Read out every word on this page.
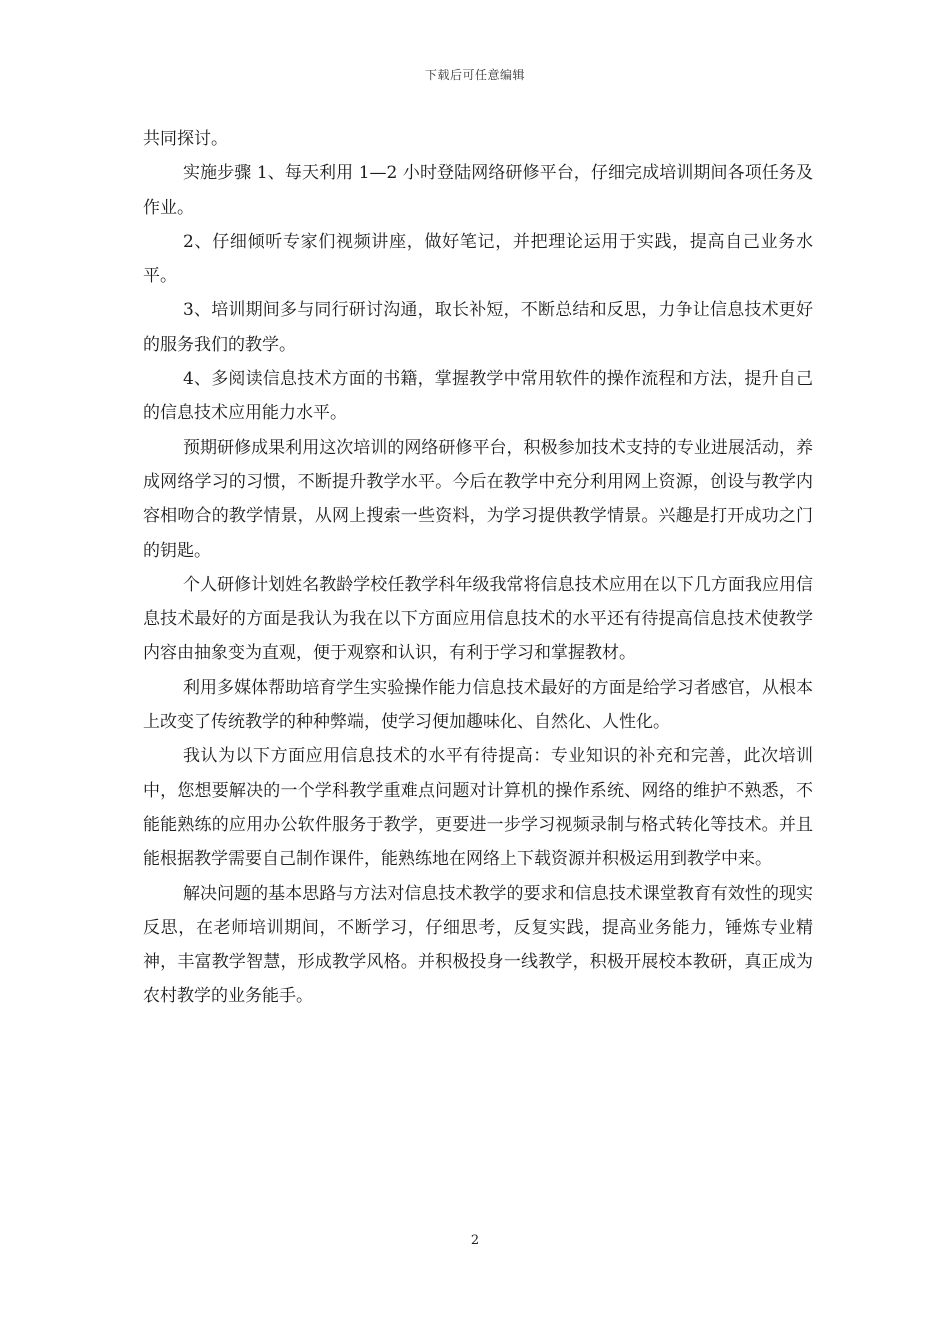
下载后可任意编辑

共同探讨。

实施步骤 1、每天利用 1—2 小时登陆网络研修平台，仔细完成培训期间各项任务及作业。

2、仔细倾听专家们视频讲座，做好笔记，并把理论运用于实践，提高自己业务水平。

3、培训期间多与同行研讨沟通，取长补短，不断总结和反思，力争让信息技术更好的服务我们的教学。

4、多阅读信息技术方面的书籍，掌握教学中常用软件的操作流程和方法，提升自己的信息技术应用能力水平。

预期研修成果利用这次培训的网络研修平台，积极参加技术支持的专业进展活动，养成网络学习的习惯，不断提升教学水平。今后在教学中充分利用网上资源，创设与教学内容相吻合的教学情景，从网上搜索一些资料，为学习提供教学情景。兴趣是打开成功之门的钥匙。

个人研修计划姓名教龄学校任教学科年级我常将信息技术应用在以下几方面我应用信息技术最好的方面是我认为我在以下方面应用信息技术的水平还有待提高信息技术使教学内容由抽象变为直观，便于观察和认识，有利于学习和掌握教材。

利用多媒体帮助培育学生实验操作能力信息技术最好的方面是给学习者感官，从根本上改变了传统教学的种种弊端，使学习便加趣味化、自然化、人性化。

我认为以下方面应用信息技术的水平有待提高：专业知识的补充和完善，此次培训中，您想要解决的一个学科教学重难点问题对计算机的操作系统、网络的维护不熟悉，不能能熟练的应用办公软件服务于教学，更要进一步学习视频录制与格式转化等技术。并且能根据教学需要自己制作课件，能熟练地在网络上下载资源并积极运用到教学中来。

解决问题的基本思路与方法对信息技术教学的要求和信息技术课堂教育有效性的现实反思，在老师培训期间，不断学习，仔细思考，反复实践，提高业务能力，锤炼专业精神，丰富教学智慧，形成教学风格。并积极投身一线教学，积极开展校本教研，真正成为农村教学的业务能手。

2
